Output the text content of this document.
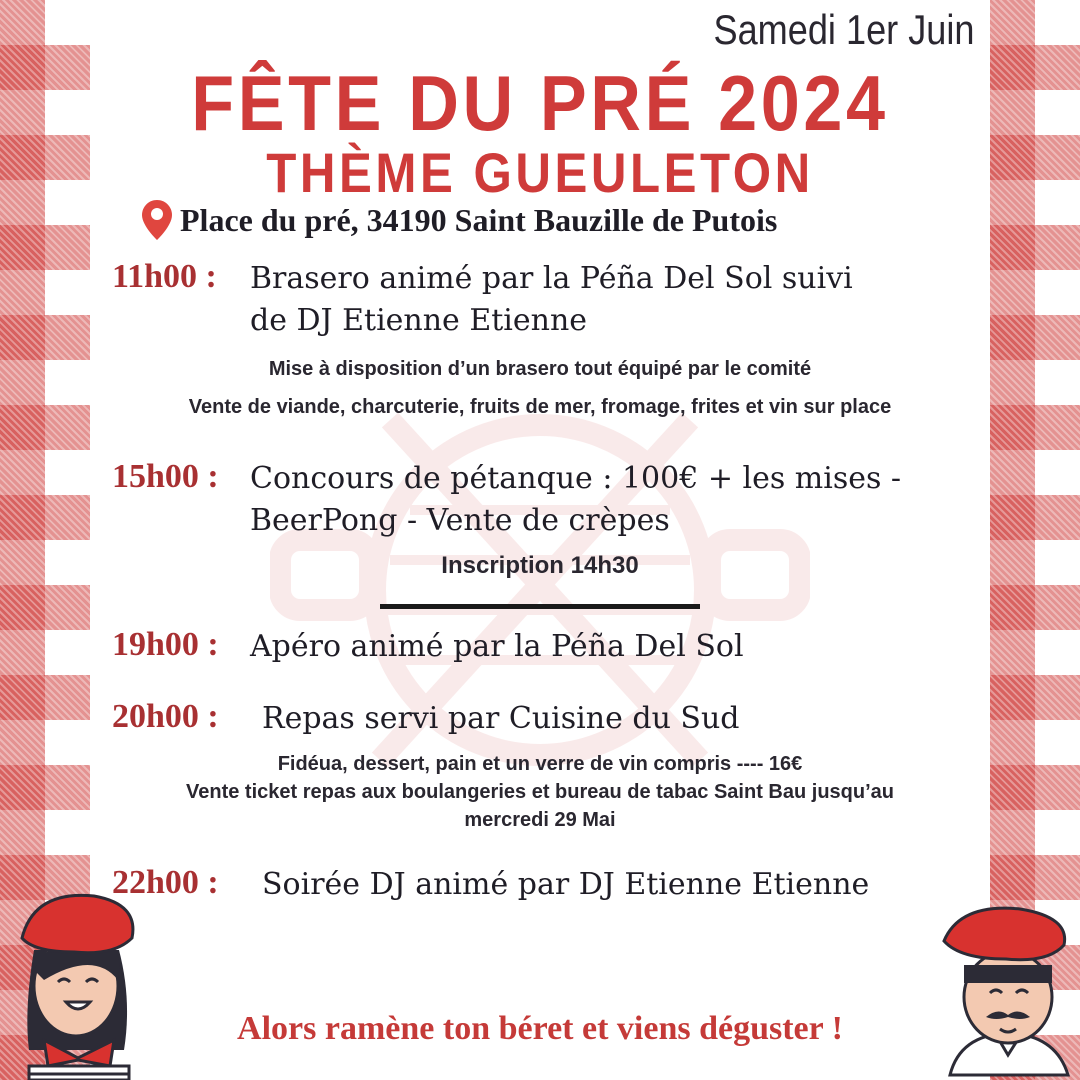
Samedi 1er Juin
FÊTE DU PRÉ 2024
THÈME GUEULETON
Place du pré, 34190 Saint Bauzille de Putois
11h00 : Brasero animé par la Péña Del Sol suivi
de DJ Etienne Etienne
Mise à disposition d’un brasero tout équipé par le comité
Vente de viande, charcuterie, fruits de mer, fromage, frites et vin sur place
15h00 : Concours de pétanque : 100€ + les mises -
BeerPong - Vente de crèpes
Inscription 14h30
19h00 : Apéro animé par la Péña Del Sol
20h00 : Repas servi par Cuisine du Sud
Fidéua, dessert, pain et un verre de vin compris ---- 16€
Vente ticket repas aux boulangeries et bureau de tabac Saint Bau jusqu’au
mercredi 29 Mai
22h00 : Soirée DJ animé par DJ Etienne Etienne
Alors ramène ton béret et viens déguster !
